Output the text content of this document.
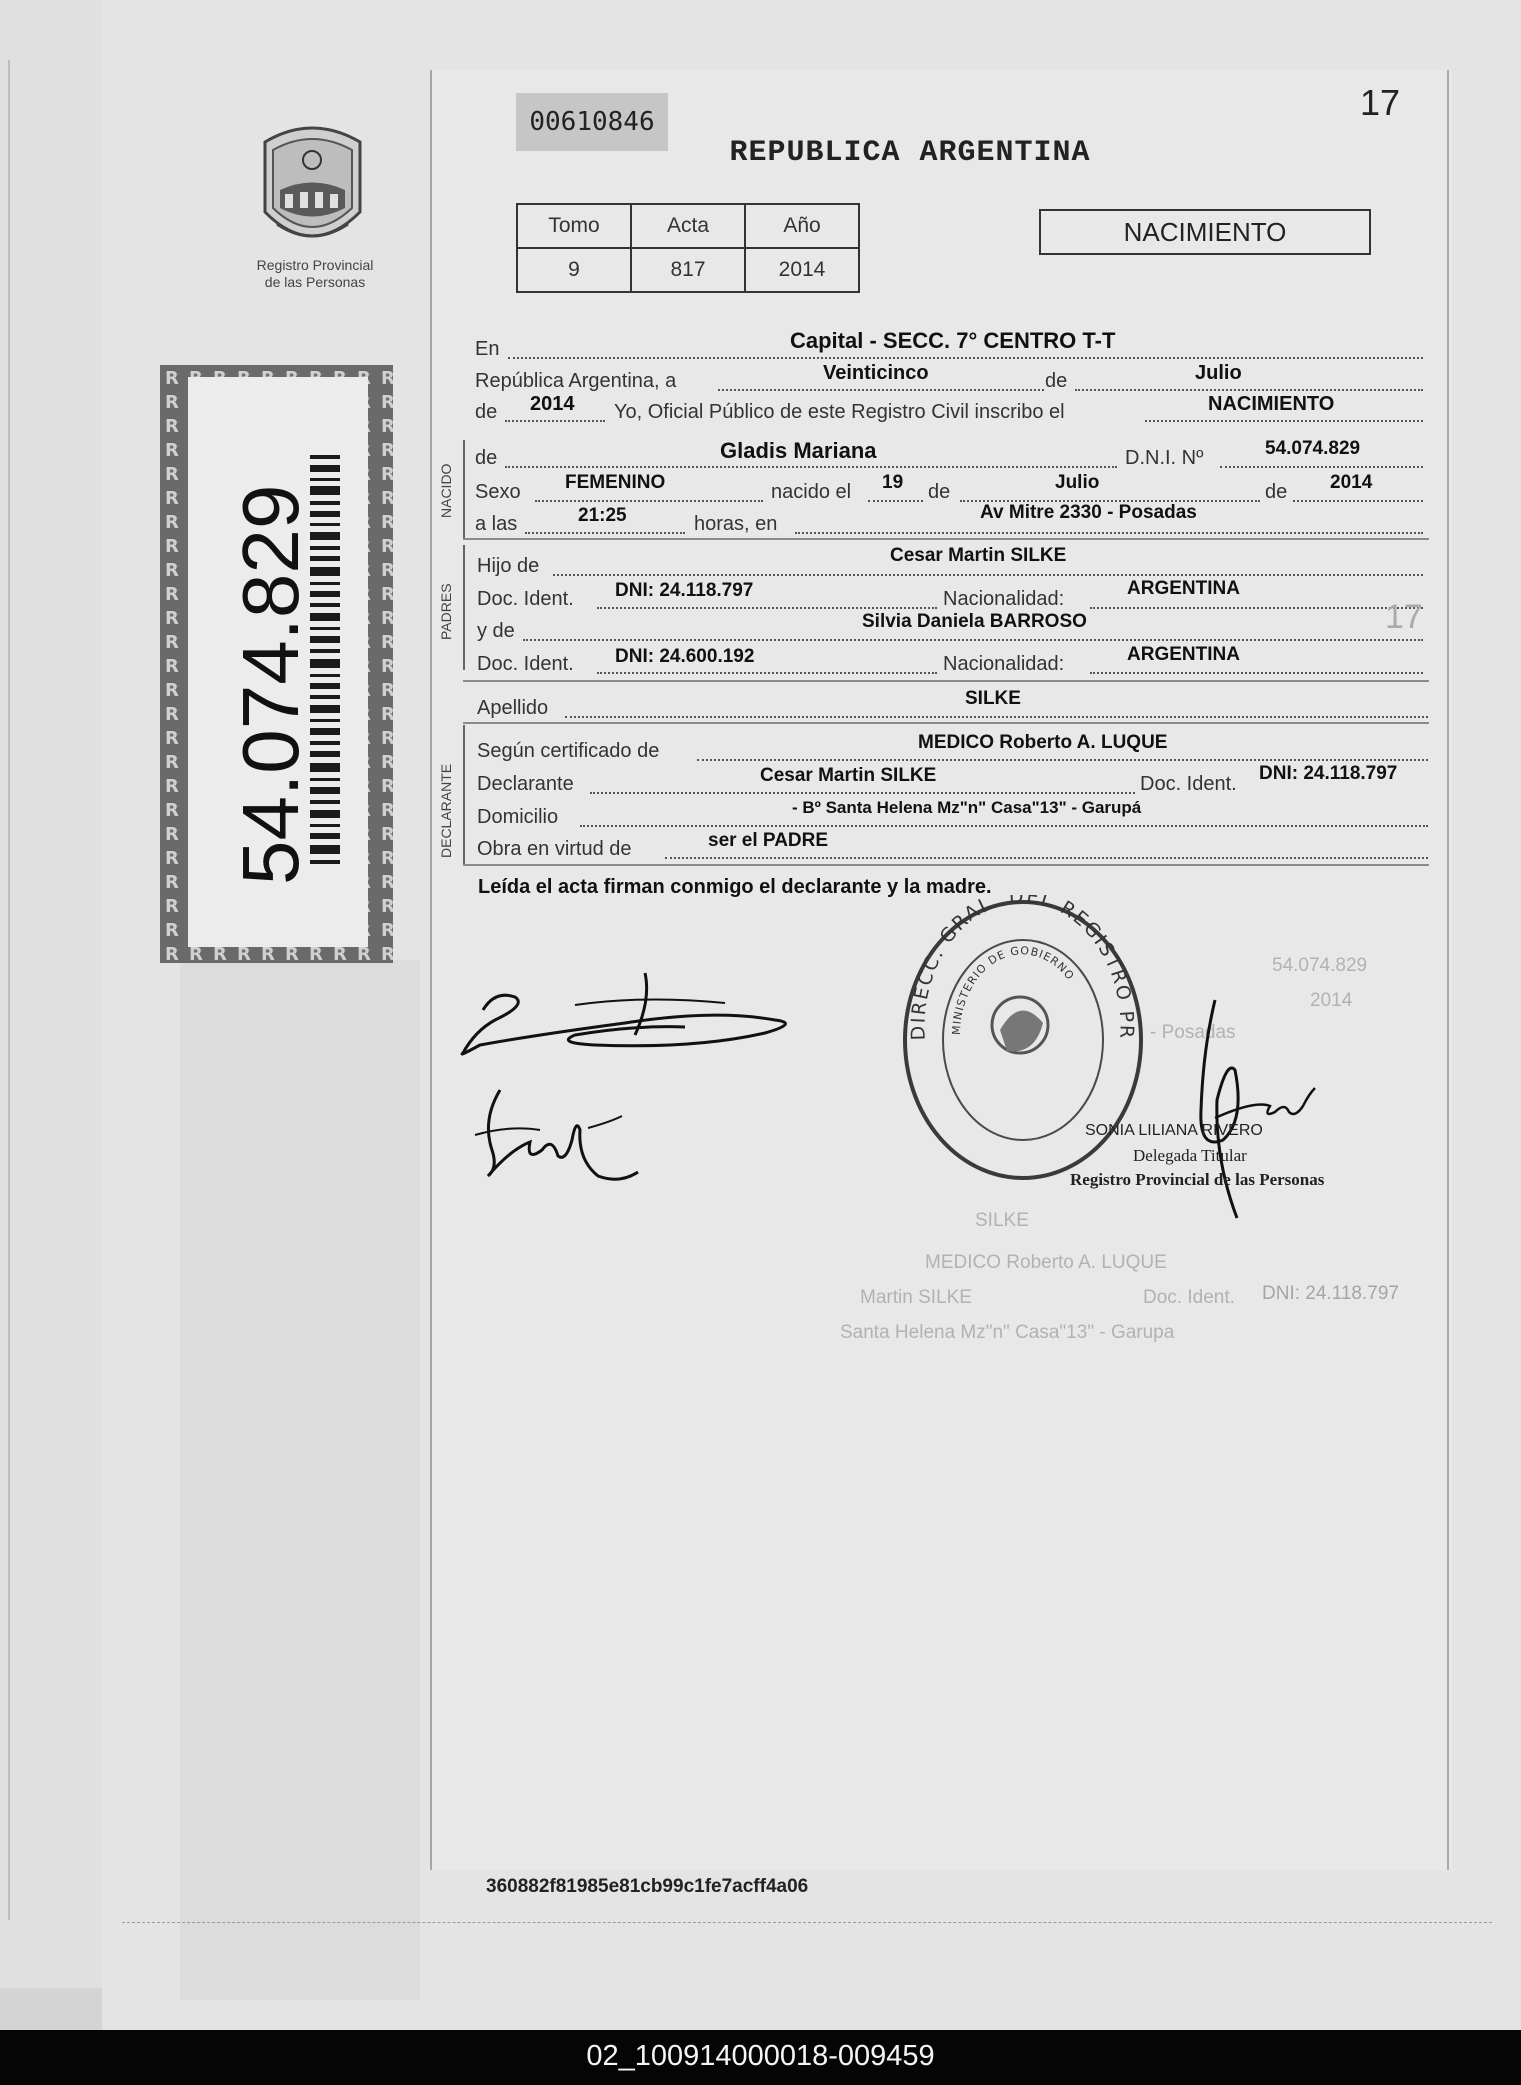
17
00610846
REPUBLICA ARGENTINA
Registro Provincial
de las Personas
54.074.829
Tomo	Acta	Año
9	817	2014
NACIMIENTO
54.074.829
2014
- Posadas
SILKE
MEDICO Roberto A. LUQUE
Martin SILKE	Doc. Ident. DNI: 24.118.797
Santa Helena Mz"n" Casa"13" - Garupa
NACIDO
PADRES
DECLARANTE
En	Capital - SECC. 7° CENTRO T-T
República Argentina, a	Veinticinco	de	Julio
de 2014 Yo, Oficial Público de este Registro Civil inscribo el	NACIMIENTO
de	Gladis Mariana	D.N.I. Nº	54.074.829
Sexo FEMENINO	nacido el 19 de	Julio	de 2014
a las	21:25	horas, en
Av Mitre 2330 - Posadas
Hijo de	Cesar Martin SILKE
Doc. Ident. DNI: 24.118.797	Nacionalidad:	ARGENTINA
y de	Silvia Daniela BARROSO	17
Doc. Ident. DNI: 24.600.192	Nacionalidad:	ARGENTINA
Apellido	SILKE
Según certificado de	MEDICO Roberto A. LUQUE
Declarante	Cesar Martin SILKE	Doc. Ident. DNI: 24.118.797
Domicilio	- Bº Santa Helena Mz"n" Casa"13" - Garupá
Obra en virtud de	ser el PADRE
Leída el acta firman conmigo el declarante y la madre.
DIRECC. GRAL. DEL REGISTRO PR
MINISTERIO DE GOBIERNO
SONIA LILIANA RIVERO
Delegada Titular
Registro Provincial de las Personas
360882f81985e81cb99c1fe7acff4a06
02_100914000018-009459
